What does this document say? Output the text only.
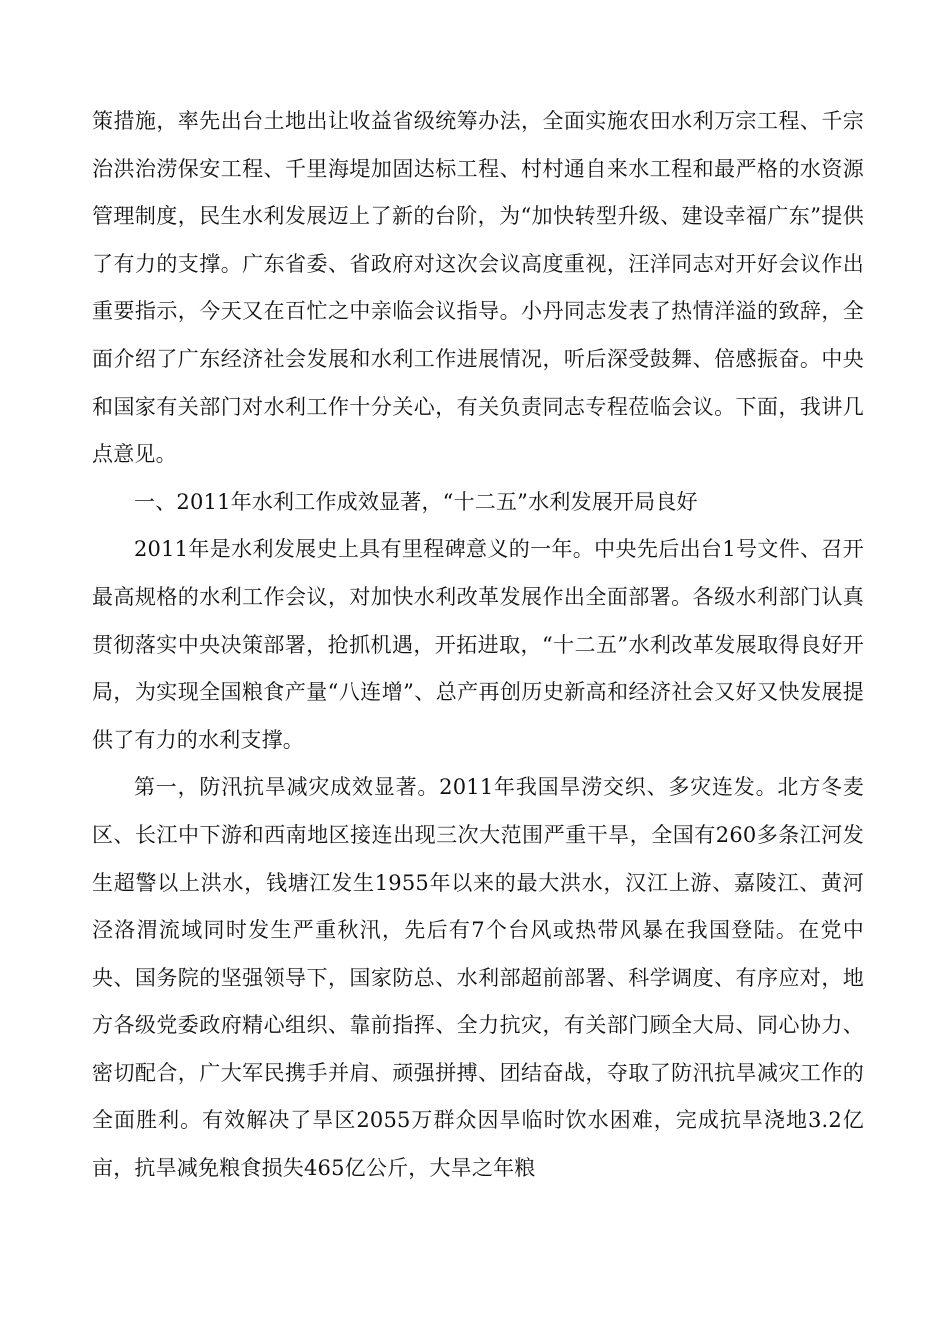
策措施，率先出台土地出让收益省级统筹办法，全面实施农田水利万宗工程、千宗治洪治涝保安工程、千里海堤加固达标工程、村村通自来水工程和最严格的水资源管理制度，民生水利发展迈上了新的台阶，为“加快转型升级、建设幸福广东”提供了有力的支撑。广东省委、省政府对这次会议高度重视，汪洋同志对开好会议作出重要指示，今天又在百忙之中亲临会议指导。小丹同志发表了热情洋溢的致辞，全面介绍了广东经济社会发展和水利工作进展情况，听后深受鼓舞、倍感振奋。中央和国家有关部门对水利工作十分关心，有关负责同志专程莅临会议。下面，我讲几点意见。

一、2011年水利工作成效显著，“十二五”水利发展开局良好

2011年是水利发展史上具有里程碑意义的一年。中央先后出台1号文件、召开最高规格的水利工作会议，对加快水利改革发展作出全面部署。各级水利部门认真贯彻落实中央决策部署，抢抓机遇，开拓进取，“十二五”水利改革发展取得良好开局，为实现全国粮食产量“八连增”、总产再创历史新高和经济社会又好又快发展提供了有力的水利支撑。

第一，防汛抗旱减灾成效显著。2011年我国旱涝交织、多灾连发。北方冬麦区、长江中下游和西南地区接连出现三次大范围严重干旱，全国有260多条江河发生超警以上洪水，钱塘江发生1955年以来的最大洪水，汉江上游、嘉陵江、黄河泾洛渭流域同时发生严重秋汛，先后有7个台风或热带风暴在我国登陆。在党中央、国务院的坚强领导下，国家防总、水利部超前部署、科学调度、有序应对，地方各级党委政府精心组织、靠前指挥、全力抗灾，有关部门顾全大局、同心协力、密切配合，广大军民携手并肩、顽强拼搏、团结奋战，夺取了防汛抗旱减灾工作的全面胜利。有效解决了旱区2055万群众因旱临时饮水困难，完成抗旱浇地3.2亿亩，抗旱减免粮食损失465亿公斤，大旱之年粮
